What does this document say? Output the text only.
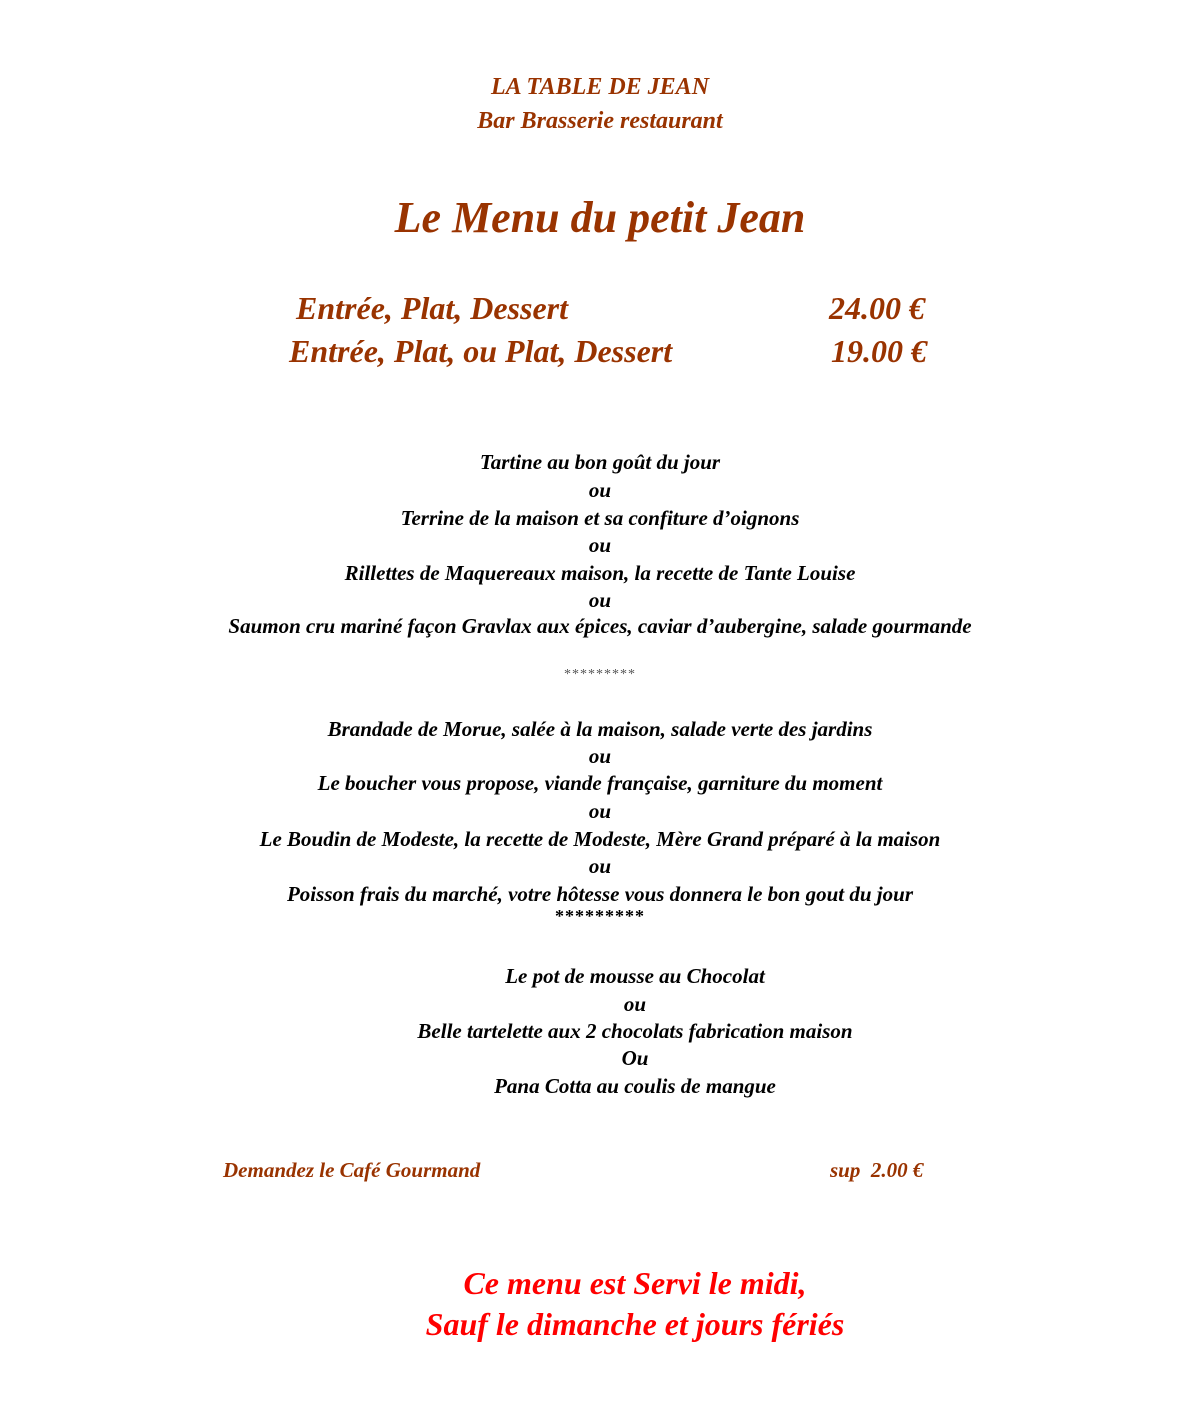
LA TABLE DE JEAN
Bar Brasserie restaurant
Le Menu du petit Jean
Entrée, Plat, Dessert	24.00 €
Entrée, Plat, ou Plat, Dessert	19.00 €
Tartine au bon goût du jour
ou
Terrine de la maison et sa confiture d’oignons
ou
Rillettes de Maquereaux maison, la recette de Tante Louise
ou
Saumon cru mariné façon Gravlax aux épices, caviar d’aubergine, salade gourmande
*********
Brandade de Morue, salée à la maison, salade verte des jardins
ou
Le boucher vous propose, viande française, garniture du moment
ou
Le Boudin de Modeste, la recette de Modeste, Mère Grand préparé à la maison
ou
Poisson frais du marché, votre hôtesse vous donnera le bon gout du jour
*********
Le pot de mousse au Chocolat
ou
Belle tartelette aux 2 chocolats fabrication maison
Ou
Pana Cotta au coulis de mangue
Demandez le Café Gourmand	sup  2.00 €
Ce menu est Servi le midi,
Sauf le dimanche et jours fériés
